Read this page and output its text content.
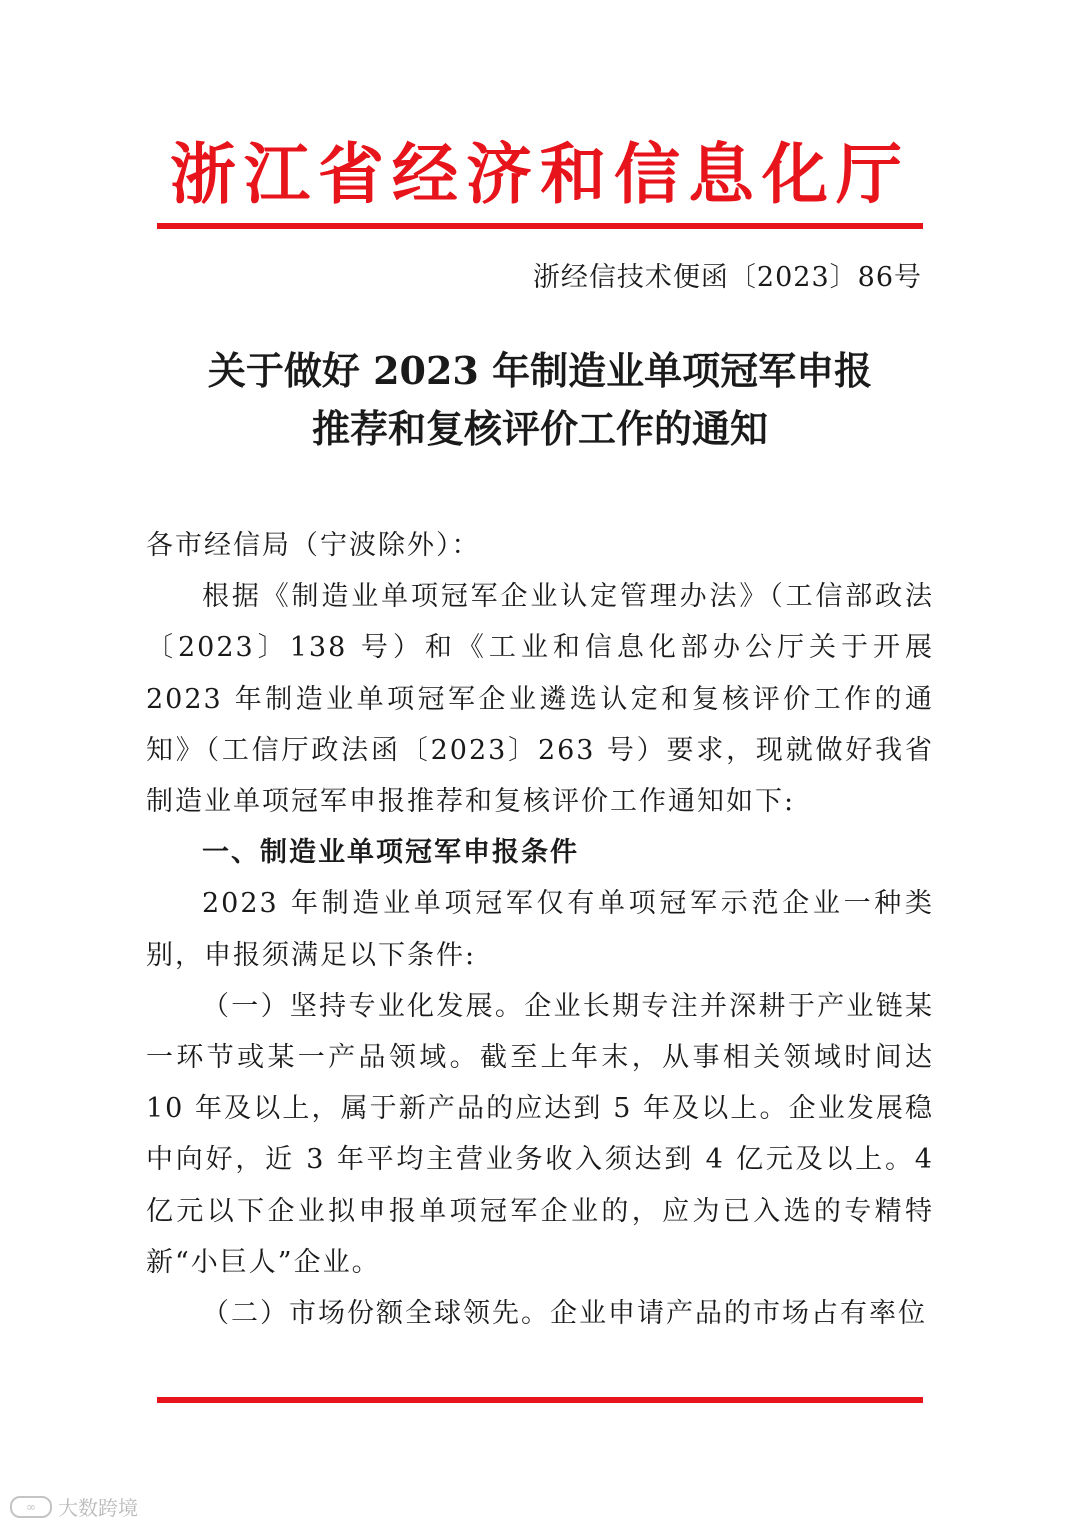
浙江省经济和信息化厅
浙经信技术便函〔2023〕86号
关于做好 2023 年制造业单项冠军申报
推荐和复核评价工作的通知

各市经信局（宁波除外）：

根据《制造业单项冠军企业认定管理办法》（工信部政法〔2023〕138 号）和《工业和信息化部办公厅关于开展 2023 年制造业单项冠军企业遴选认定和复核评价工作的通知》（工信厅政法函〔2023〕263 号）要求，现就做好我省制造业单项冠军申报推荐和复核评价工作通知如下:

一、制造业单项冠军申报条件

2023 年制造业单项冠军仅有单项冠军示范企业一种类别，申报须满足以下条件:

（一）坚持专业化发展。企业长期专注并深耕于产业链某一环节或某一产品领域。截至上年末，从事相关领域时间达 10 年及以上，属于新产品的应达到 5 年及以上。企业发展稳中向好，近 3 年平均主营业务收入须达到 4 亿元及以上。4 亿元以下企业拟申报单项冠军企业的，应为已入选的专精特新“小巨人”企业。

（二）市场份额全球领先。企业申请产品的市场占有率位

∞	大数跨境
